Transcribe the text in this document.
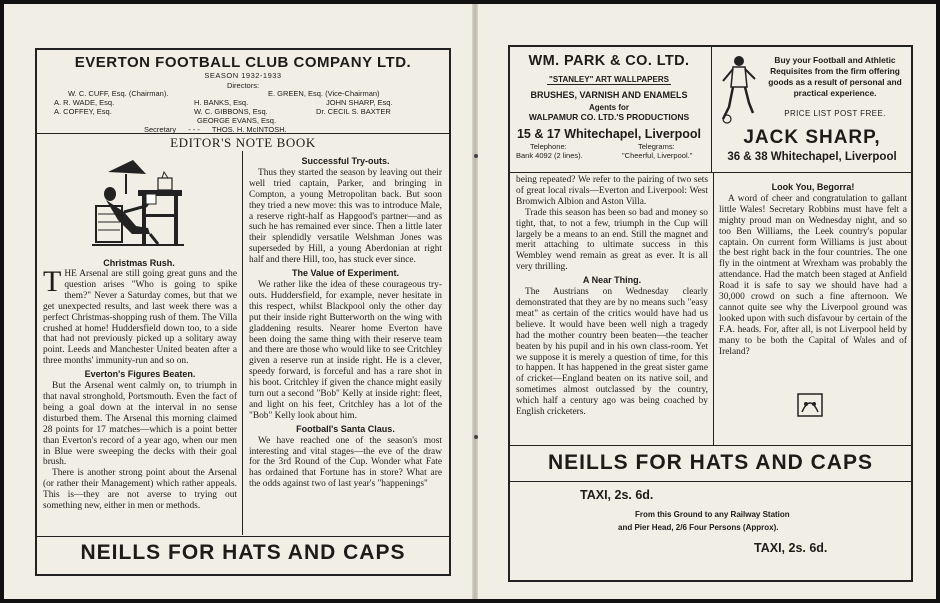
EVERTON FOOTBALL CLUB COMPANY LTD.
SEASON 1932-1933
Directors:
W. C. CUFF, Esq. (Chairman).
A. R. WADE, Esq.
A. COFFEY, Esq.
H. BANKS, Esq.
W. C. GIBBONS, Esq.
GEORGE EVANS, Esq.
E. GREEN, Esq. (Vice-Chairman)
JOHN SHARP, Esq.
Dr. CECIL S. BAXTER
Secretary - - - THOS. H. McINTOSH.
EDITOR'S NOTE BOOK
Christmas Rush.

THE Arsenal are still going great guns and the question arises "Who is going to spike them?" Never a Saturday comes, but that we get unexpected results, and last week there was a perfect Christmas-shopping rush of them. The Villa crushed at home! Huddersfield down too, to a side that had not previously picked up a solitary away point. Leeds and Manchester United beaten after a three months' immunity-run and so on.

Everton's Figures Beaten.

But the Arsenal went calmly on, to triumph in that naval stronghold, Portsmouth. Even the fact of being a goal down at the interval in no sense disturbed them. The Arsenal this morning claimed 28 points for 17 matches—which is a point better than Everton's record of a year ago, when our men in Blue were sweeping the decks with their goal brush.

There is another strong point about the Arsenal (or rather their Management) which rather appeals. This is—they are not averse to trying out something new, either in men or methods.

Successful Try-outs.

Thus they started the season by leaving out their well tried captain, Parker, and bringing in Compton, a young Metropolitan back. But soon they tried a new move: this was to introduce Male, a reserve right-half as Hapgood's partner—and as such he has remained ever since. Then a little later their splendidly versatile Welshman Jones was superseded by Hill, a young Aberdonian at right half and there Hill, too, has stuck ever since.

The Value of Experiment.

We rather like the idea of these courageous try-outs. Huddersfield, for example, never hesitate in this respect, whilst Blackpool only the other day put their inside right Butterworth on the wing with gladdening results. Nearer home Everton have been doing the same thing with their reserve team and there are those who would like to see Critchley given a reserve run at inside right. He is a clever, speedy forward, is forceful and has a rare shot in his boot. Critchley if given the chance might easily turn out a second "Bob" Kelly at inside right: fleet, and light on his feet, Critchley has a lot of the "Bob" Kelly look about him.

Football's Santa Claus.

We have reached one of the season's most interesting and vital stages—the eve of the draw for the 3rd Round of the Cup. Wonder what Fate has ordained that Fortune has in store? What are the odds against two of last year's "happenings"

NEILLS FOR HATS AND CAPS
WM. PARK & CO. LTD.
"STANLEY" ART WALLPAPERS
BRUSHES, VARNISH AND ENAMELS
Agents for
WALPAMUR CO. LTD.'S PRODUCTIONS
15 & 17 Whitechapel, Liverpool
Telephone:	Telegrams:
Bank 4092 (2 lines).	"Cheerful, Liverpool."
Buy your Football and Athletic Requisites from the firm offering goods as a result of personal and practical experience.
PRICE LIST POST FREE.
JACK SHARP,
36 & 38 Whitechapel, Liverpool

being repeated? We refer to the pairing of two sets of great local rivals—Everton and Liverpool: West Bromwich Albion and Aston Villa.

Trade this season has been so bad and money so tight, that, to not a few, triumph in the Cup will largely be a means to an end. Still the magnet and merit attaching to ultimate success in this Wembley wend remain as great as ever. It is all very thrilling.

A Near Thing.

The Austrians on Wednesday clearly demonstrated that they are by no means such "easy meat" as certain of the critics would have had us believe. It would have been well nigh a tragedy had the mother country been beaten—the teacher beaten by his pupil and in his own class-room. Yet we suppose it is merely a question of time, for this to happen. It has happened in the great sister game of cricket—England beaten on its native soil, and sometimes almost outclassed by the country, which half a century ago was being coached by English cricketers.

Look You, Begorra!

A word of cheer and congratulation to gallant little Wales! Secretary Robbins must have felt a mighty proud man on Wednesday night, and so too Ben Williams, the Leek country's popular captain. On current form Williams is just about the best right back in the four countries. The one fly in the ointment at Wrexham was probably the attendance. Had the match been staged at Anfield Road it is safe to say we should have had a 30,000 crowd on such a fine afternoon. We cannot quite see why the Liverpool ground was looked upon with such disfavour by certain of the F.A. heads. For, after all, is not Liverpool held by many to be both the Capital of Wales and of Ireland?

NEILLS FOR HATS AND CAPS
TAXI, 2s. 6d.
From this Ground to any Railway Station
and Pier Head, 2/6 Four Persons (Approx).
TAXI, 2s. 6d.
